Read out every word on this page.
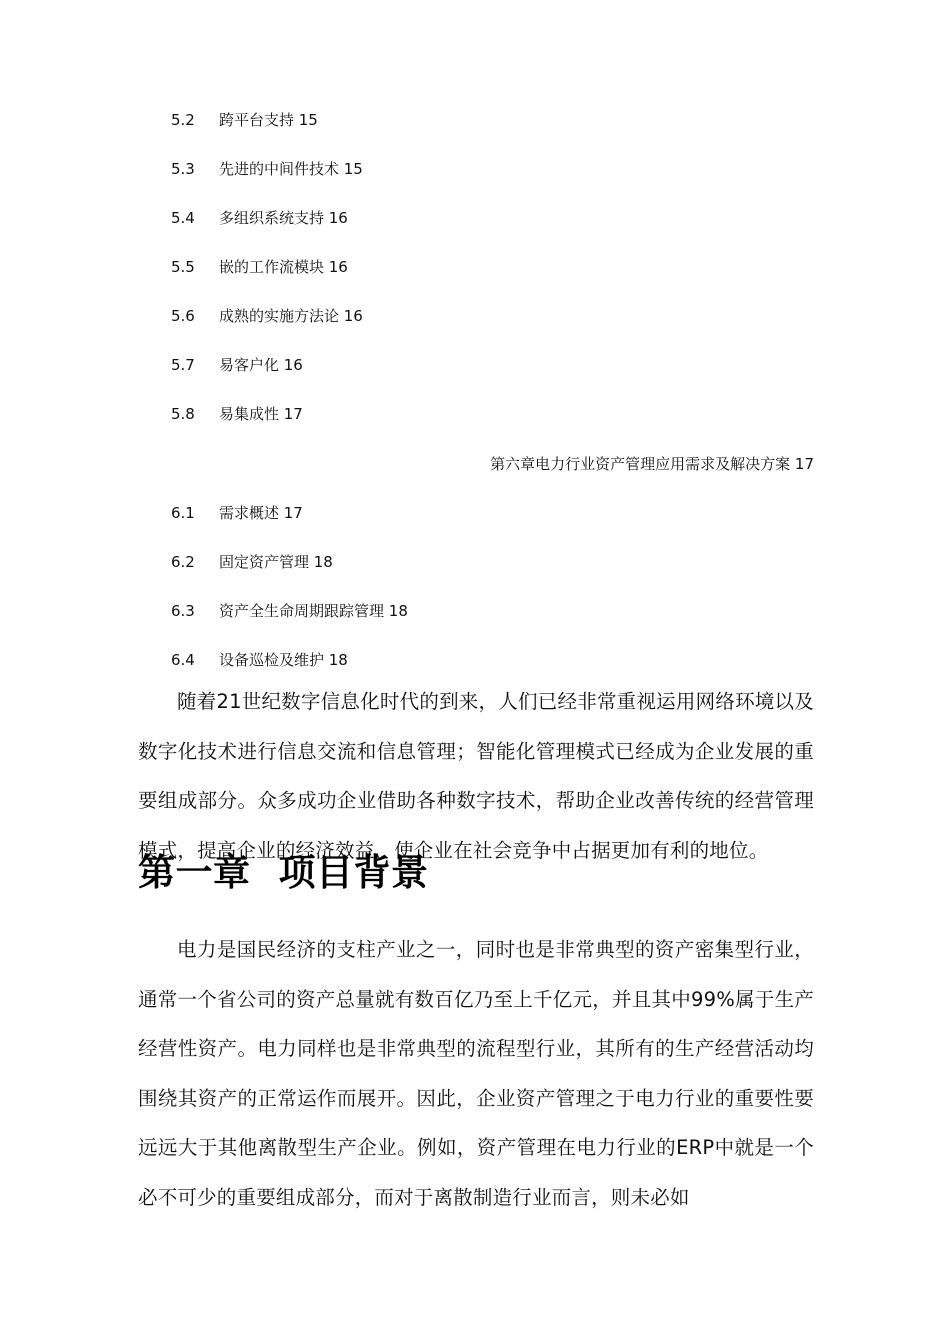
5.2 跨平台支持 15
5.3 先进的中间件技术 15
5.4 多组织系统支持 16
5.5 嵌的工作流模块 16
5.6 成熟的实施方法论 16
5.7 易客户化 16
5.8 易集成性 17
第六章电力行业资产管理应用需求及解决方案 17
6.1 需求概述 17
6.2 固定资产管理 18
6.3 资产全生命周期跟踪管理 18
6.4 设备巡检及维护 18

随着21世纪数字信息化时代的到来，人们已经非常重视运用网络环境以及数字化技术进行信息交流和信息管理；智能化管理模式已经成为企业发展的重要组成部分。众多成功企业借助各种数字技术，帮助企业改善传统的经营管理模式，提高企业的经济效益，使企业在社会竞争中占据更加有利的地位。

第一章 项目背景

电力是国民经济的支柱产业之一，同时也是非常典型的资产密集型行业，通常一个省公司的资产总量就有数百亿乃至上千亿元，并且其中99%属于生产经营性资产。电力同样也是非常典型的流程型行业，其所有的生产经营活动均围绕其资产的正常运作而展开。因此，企业资产管理之于电力行业的重要性要远远大于其他离散型生产企业。例如，资产管理在电力行业的ERP中就是一个必不可少的重要组成部分，而对于离散制造行业而言，则未必如
